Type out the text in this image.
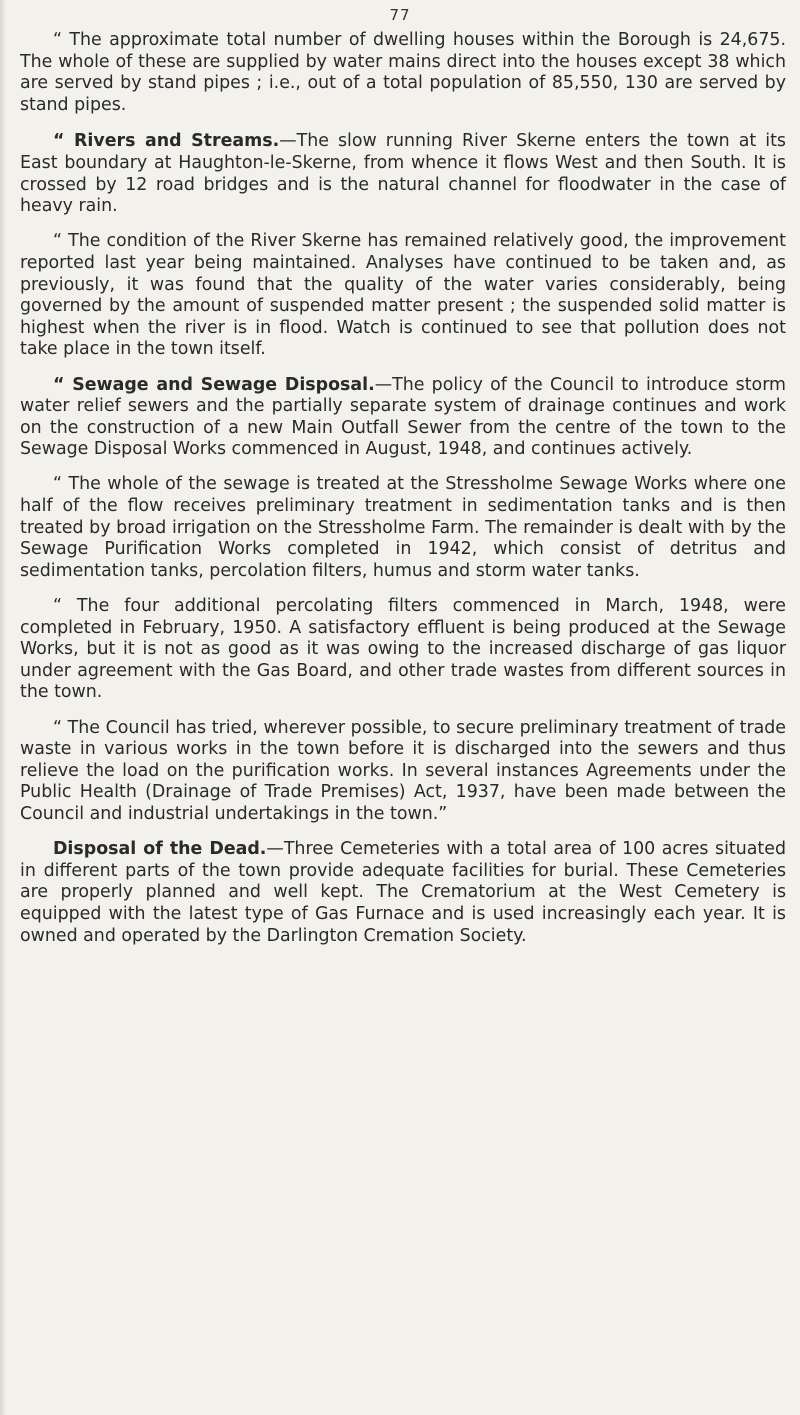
77

“ The approximate total number of dwelling houses within the Borough is 24,675. The whole of these are supplied by water mains direct into the houses except 38 which are served by stand pipes ; i.e., out of a total population of 85,550, 130 are served by stand pipes.

“ Rivers and Streams.—The slow running River Skerne enters the town at its East boundary at Haughton-le-Skerne, from whence it flows West and then South. It is crossed by 12 road bridges and is the natural channel for floodwater in the case of heavy rain.

“ The condition of the River Skerne has remained relatively good, the improvement reported last year being maintained. Analyses have continued to be taken and, as previously, it was found that the quality of the water varies considerably, being governed by the amount of suspended matter present ; the suspended solid matter is highest when the river is in flood. Watch is continued to see that pollution does not take place in the town itself.

“ Sewage and Sewage Disposal.—The policy of the Council to introduce storm water relief sewers and the partially separate system of drainage continues and work on the construction of a new Main Outfall Sewer from the centre of the town to the Sewage Disposal Works commenced in August, 1948, and continues actively.

“ The whole of the sewage is treated at the Stressholme Sewage Works where one half of the flow receives preliminary treatment in sedimentation tanks and is then treated by broad irrigation on the Stressholme Farm. The remainder is dealt with by the Sewage Purification Works completed in 1942, which consist of detritus and sedimentation tanks, percolation filters, humus and storm water tanks.

“ The four additional percolating filters commenced in March, 1948, were completed in February, 1950. A satisfactory effluent is being produced at the Sewage Works, but it is not as good as it was owing to the increased discharge of gas liquor under agreement with the Gas Board, and other trade wastes from different sources in the town.

“ The Council has tried, wherever possible, to secure preliminary treatment of trade waste in various works in the town before it is discharged into the sewers and thus relieve the load on the purification works. In several instances Agreements under the Public Health (Drainage of Trade Premises) Act, 1937, have been made between the Council and industrial undertakings in the town.”

Disposal of the Dead.—Three Cemeteries with a total area of 100 acres situated in different parts of the town provide adequate facilities for burial. These Cemeteries are properly planned and well kept. The Crematorium at the West Cemetery is equipped with the latest type of Gas Furnace and is used increasingly each year. It is owned and operated by the Darlington Cremation Society.
